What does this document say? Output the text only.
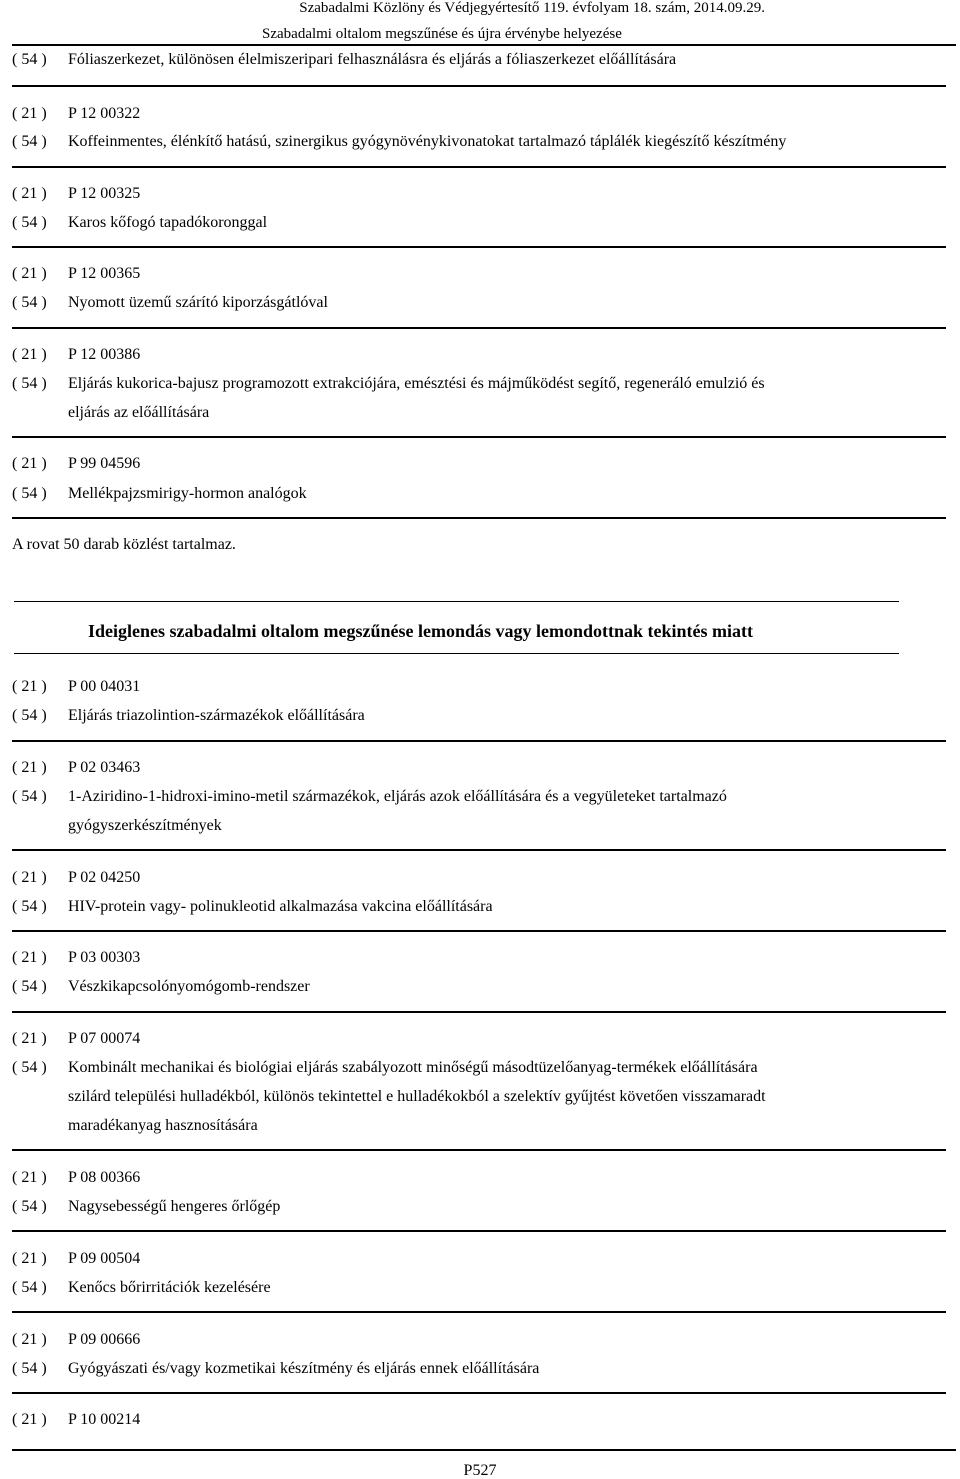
Szabadalmi Közlöny és Védjegyértesítő 119. évfolyam 18. szám, 2014.09.29.
Szabadalmi oltalom megszűnése és újra érvénybe helyezése
( 54 )	Fóliaszerkezet, különösen élelmiszeripari felhasználásra és eljárás a fóliaszerkezet előállítására
( 21 )	P 12 00322
( 54 )	Koffeinmentes, élénkítő hatású, szinergikus gyógynövénykivonatokat tartalmazó táplálék kiegészítő készítmény
( 21 )	P 12 00325
( 54 )	Karos kőfogó tapadókoronggal
( 21 )	P 12 00365
( 54 )	Nyomott üzemű szárító kiporzásgátlóval
( 21 )	P 12 00386
( 54 )	Eljárás kukorica-bajusz programozott extrakciójára, emésztési és májműködést segítő, regeneráló emulzió és
eljárás az előállítására
( 21 )	P 99 04596
( 54 )	Mellékpajzsmirigy-hormon analógok
A rovat 50 darab közlést tartalmaz.
Ideiglenes szabadalmi oltalom megszűnése lemondás vagy lemondottnak tekintés miatt
( 21 )	P 00 04031
( 54 )	Eljárás triazolintion-származékok előállítására
( 21 )	P 02 03463
( 54 )	1-Aziridino-1-hidroxi-imino-metil származékok, eljárás azok előállítására és a vegyületeket tartalmazó
gyógyszerkészítmények
( 21 )	P 02 04250
( 54 )	HIV-protein vagy- polinukleotid alkalmazása vakcina előállítására
( 21 )	P 03 00303
( 54 )	Vészkikapcsolónyomógomb-rendszer
( 21 )	P 07 00074
( 54 )	Kombinált mechanikai és biológiai eljárás szabályozott minőségű másodtüzelőanyag-termékek előállítására
szilárd települési hulladékból, különös tekintettel e hulladékokból a szelektív gyűjtést követően visszamaradt
maradékanyag hasznosítására
( 21 )	P 08 00366
( 54 )	Nagysebességű hengeres őrlőgép
( 21 )	P 09 00504
( 54 )	Kenőcs bőrirritációk kezelésére
( 21 )	P 09 00666
( 54 )	Gyógyászati és/vagy kozmetikai készítmény és eljárás ennek előállítására
( 21 )	P 10 00214
P527
